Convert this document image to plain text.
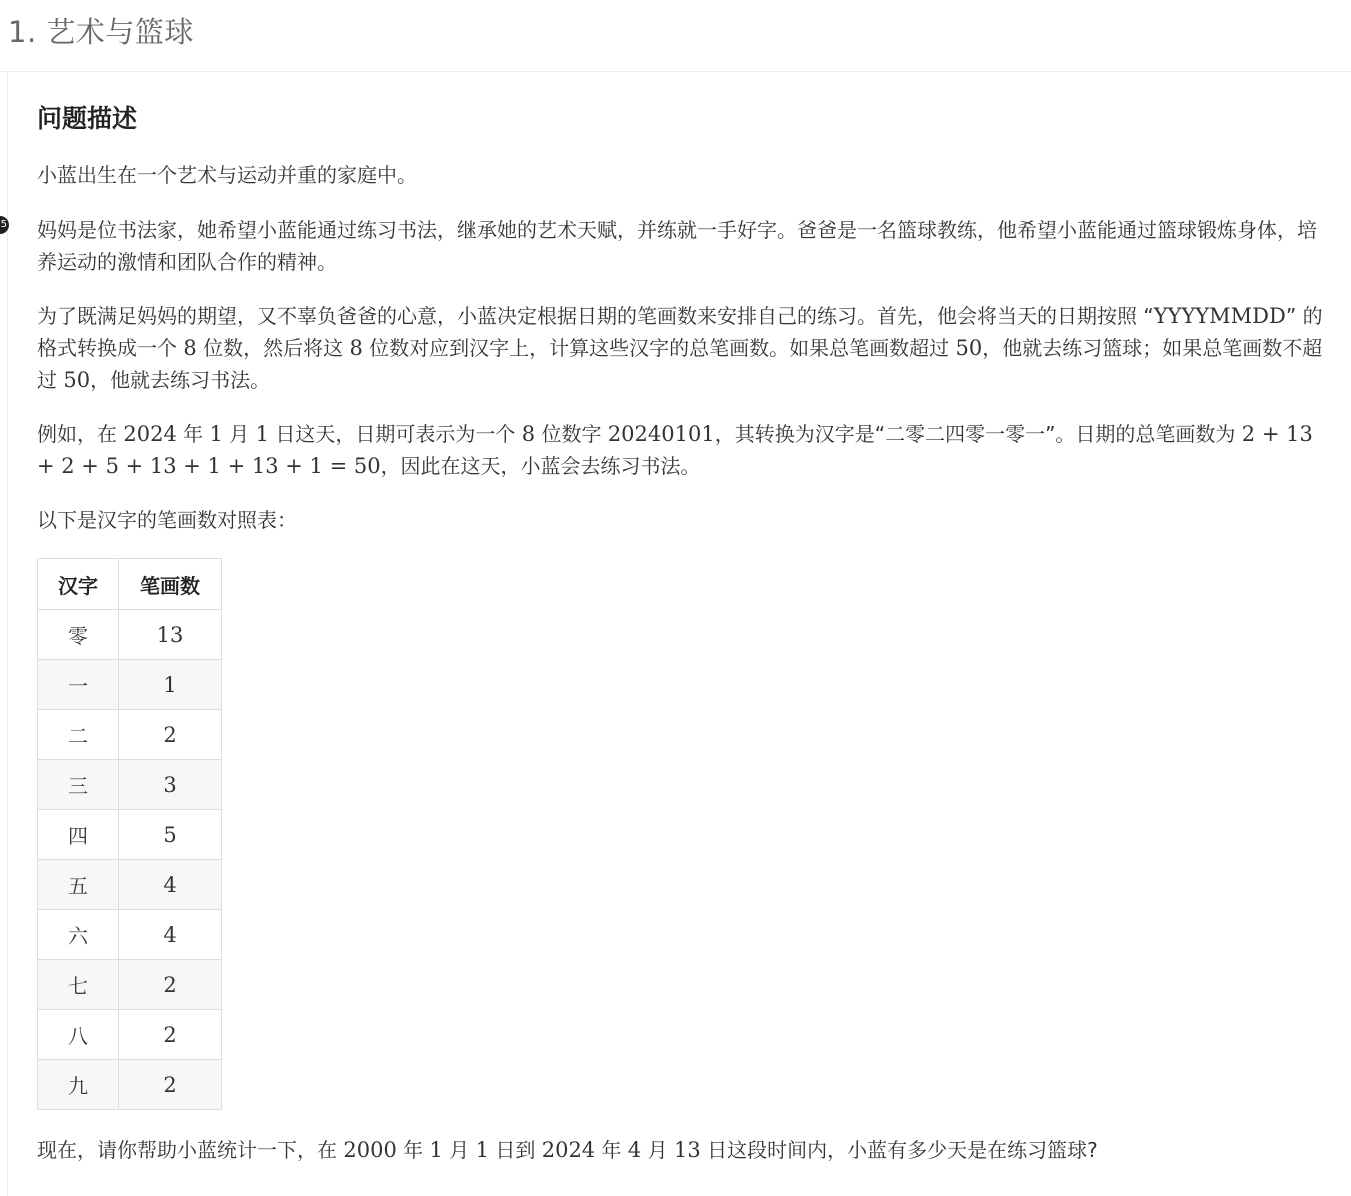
1. 艺术与篮球
5
问题描述

小蓝出生在一个艺术与运动并重的家庭中。

妈妈是位书法家，她希望小蓝能通过练习书法，继承她的艺术天赋，并练就一手好字。爸爸是一名篮球教练，他希望小蓝能通过篮球锻炼身体，培养运动的激情和团队合作的精神。

为了既满足妈妈的期望，又不辜负爸爸的心意，小蓝决定根据日期的笔画数来安排自己的练习。首先，他会将当天的日期按照 “YYYYMMDD” 的格式转换成一个 8 位数，然后将这 8 位数对应到汉字上，计算这些汉字的总笔画数。如果总笔画数超过 50，他就去练习篮球；如果总笔画数不超过 50，他就去练习书法。

例如，在 2024 年 1 月 1 日这天，日期可表示为一个 8 位数字 20240101，其转换为汉字是“二零二四零一零一”。日期的总笔画数为 2 + 13 + 2 + 5 + 13 + 1 + 13 + 1 = 50，因此在这天，小蓝会去练习书法。

以下是汉字的笔画数对照表：

汉字	笔画数
零	13
一	1
二	2
三	3
四	5
五	4
六	4
七	2
八	2
九	2

现在，请你帮助小蓝统计一下，在 2000 年 1 月 1 日到 2024 年 4 月 13 日这段时间内，小蓝有多少天是在练习篮球?
